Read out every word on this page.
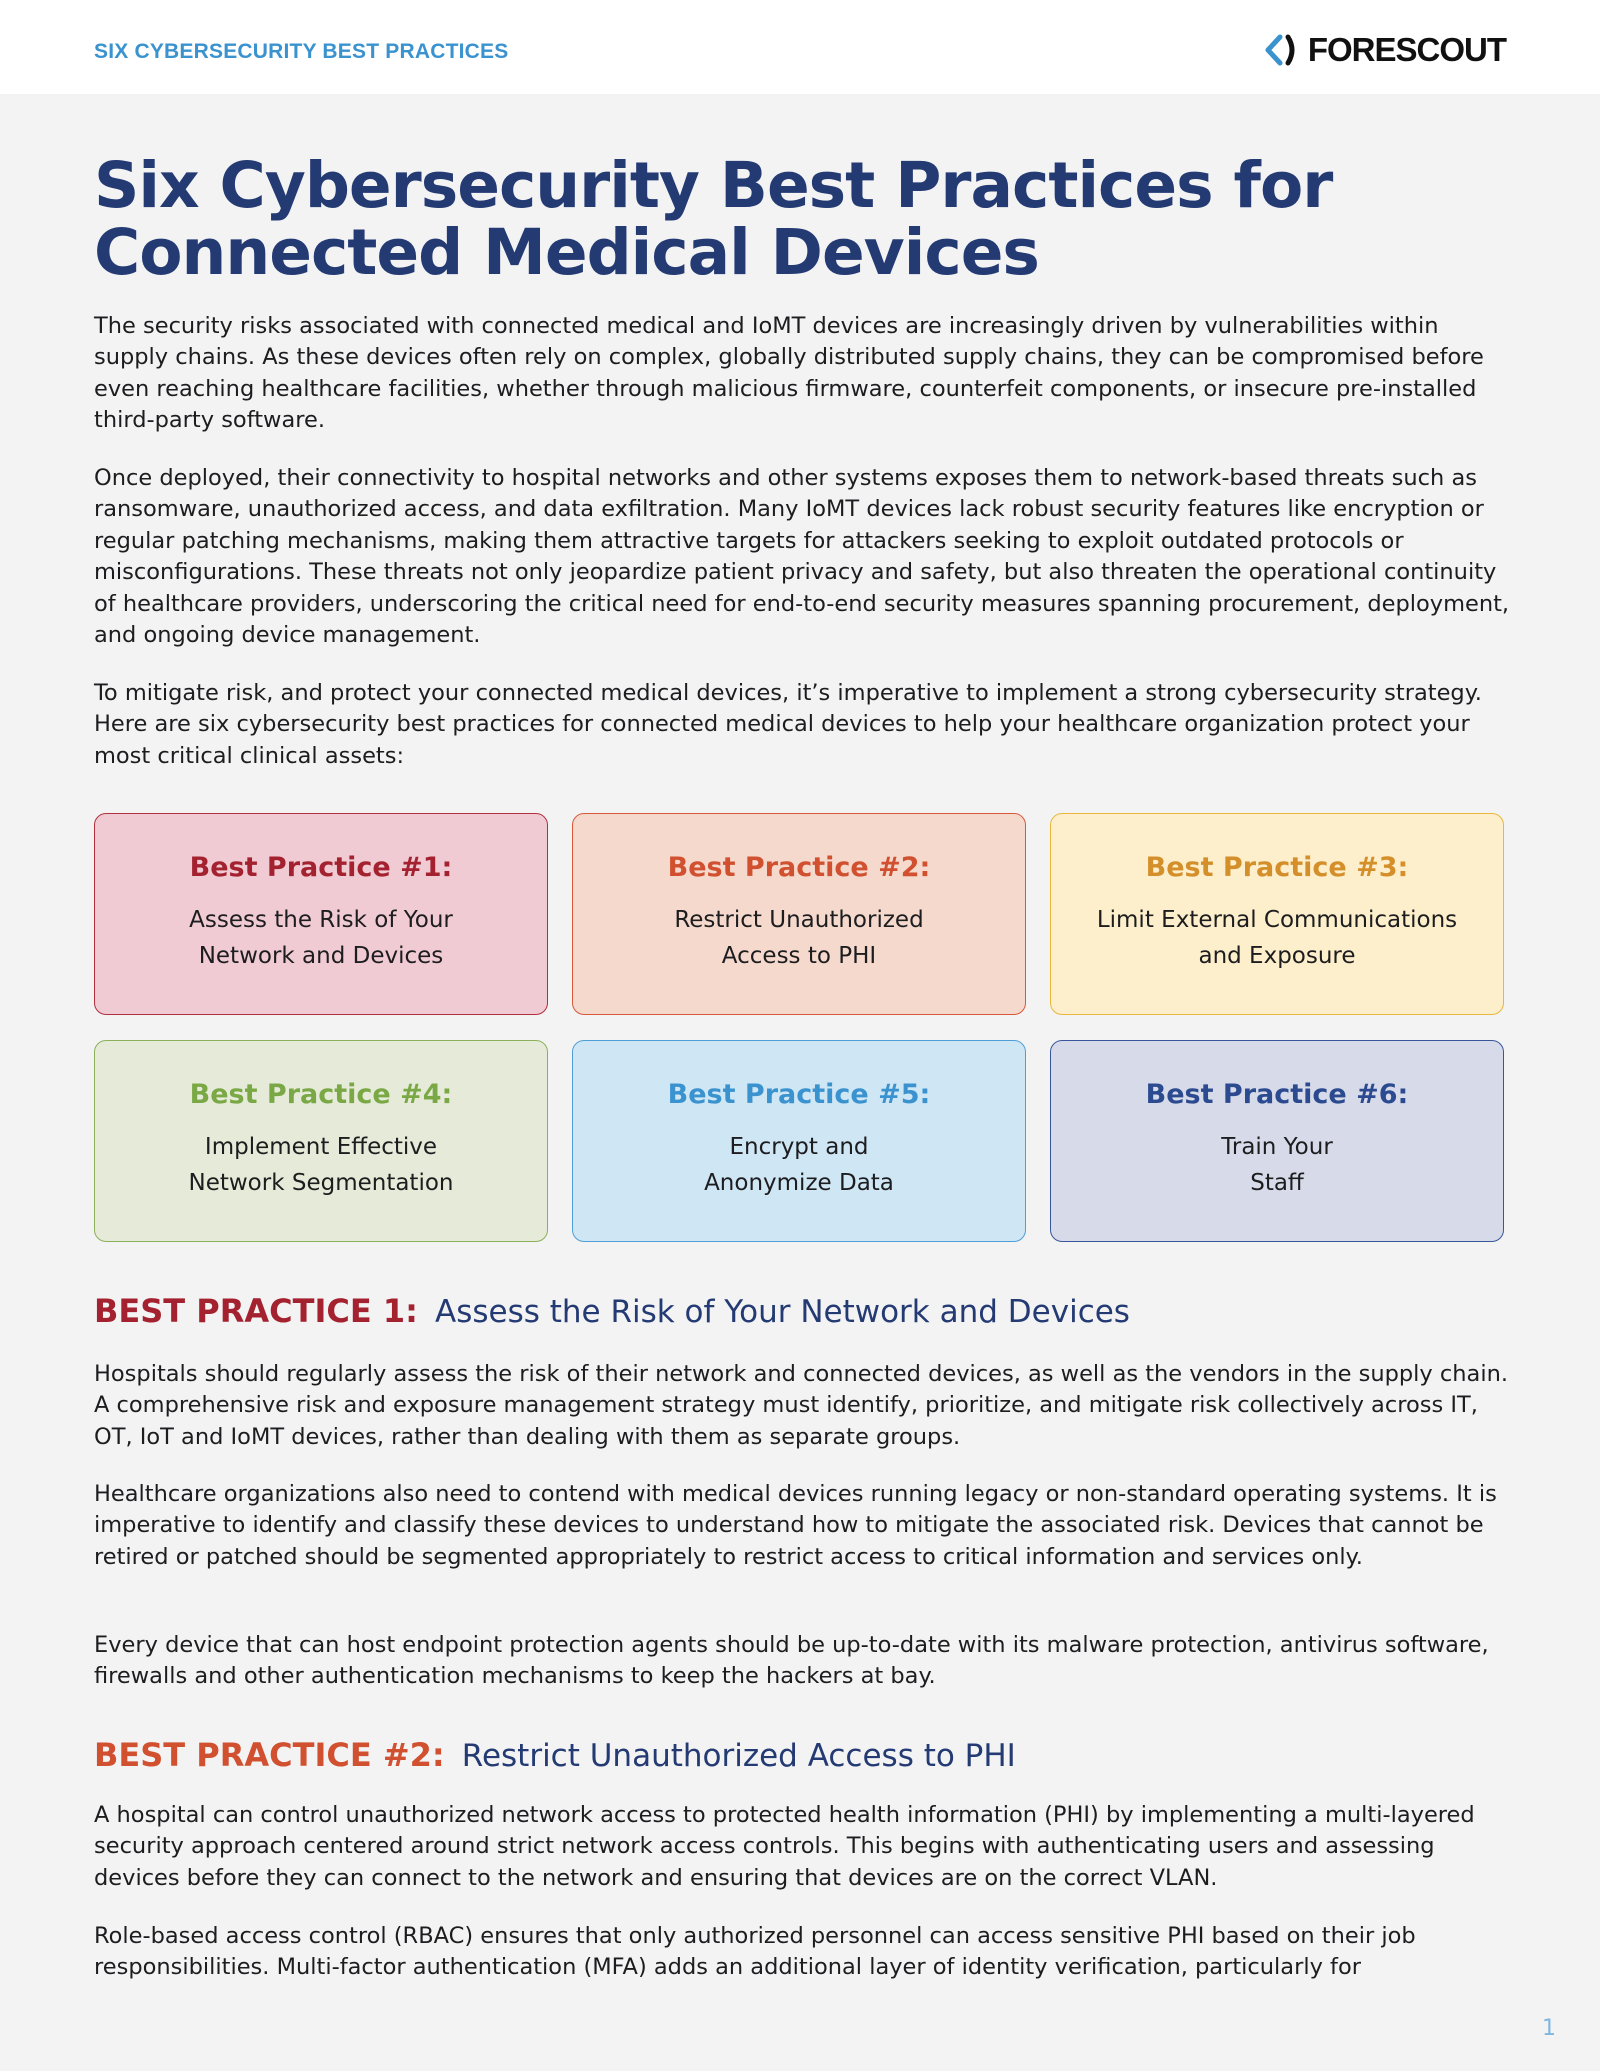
SIX CYBERSECURITY BEST PRACTICES	FORESCOUT
Six Cybersecurity Best Practices for
Connected Medical Devices

The security risks associated with connected medical and IoMT devices are increasingly driven by vulnerabilities within supply chains. As these devices often rely on complex, globally distributed supply chains, they can be compromised before even reaching healthcare facilities, whether through malicious firmware, counterfeit components, or insecure pre-installed third-party software.

Once deployed, their connectivity to hospital networks and other systems exposes them to network-based threats such as ransomware, unauthorized access, and data exfiltration. Many IoMT devices lack robust security features like encryption or regular patching mechanisms, making them attractive targets for attackers seeking to exploit outdated protocols or misconfigurations. These threats not only jeopardize patient privacy and safety, but also threaten the operational continuity of healthcare providers, underscoring the critical need for end-to-end security measures spanning procurement, deployment, and ongoing device management.

To mitigate risk, and protect your connected medical devices, it’s imperative to implement a strong cybersecurity strategy. Here are six cybersecurity best practices for connected medical devices to help your healthcare organization protect your most critical clinical assets:

Best Practice #1:
Assess the Risk of Your
Network and Devices
Best Practice #2:
Restrict Unauthorized
Access to PHI
Best Practice #3:
Limit External Communications
and Exposure
Best Practice #4:
Implement Effective
Network Segmentation
Best Practice #5:
Encrypt and
Anonymize Data
Best Practice #6:
Train Your
Staff
BEST PRACTICE 1: Assess the Risk of Your Network and Devices

Hospitals should regularly assess the risk of their network and connected devices, as well as the vendors in the supply chain. A comprehensive risk and exposure management strategy must identify, prioritize, and mitigate risk collectively across IT, OT, IoT and IoMT devices, rather than dealing with them as separate groups.

Healthcare organizations also need to contend with medical devices running legacy or non-standard operating systems. It is imperative to identify and classify these devices to understand how to mitigate the associated risk. Devices that cannot be retired or patched should be segmented appropriately to restrict access to critical information and services only.

Every device that can host endpoint protection agents should be up-to-date with its malware protection, antivirus software, firewalls and other authentication mechanisms to keep the hackers at bay.

BEST PRACTICE #2: Restrict Unauthorized Access to PHI

A hospital can control unauthorized network access to protected health information (PHI) by implementing a multi-layered security approach centered around strict network access controls. This begins with authenticating users and assessing devices before they can connect to the network and ensuring that devices are on the correct VLAN.

Role-based access control (RBAC) ensures that only authorized personnel can access sensitive PHI based on their job responsibilities. Multi-factor authentication (MFA) adds an additional layer of identity verification, particularly for

1
